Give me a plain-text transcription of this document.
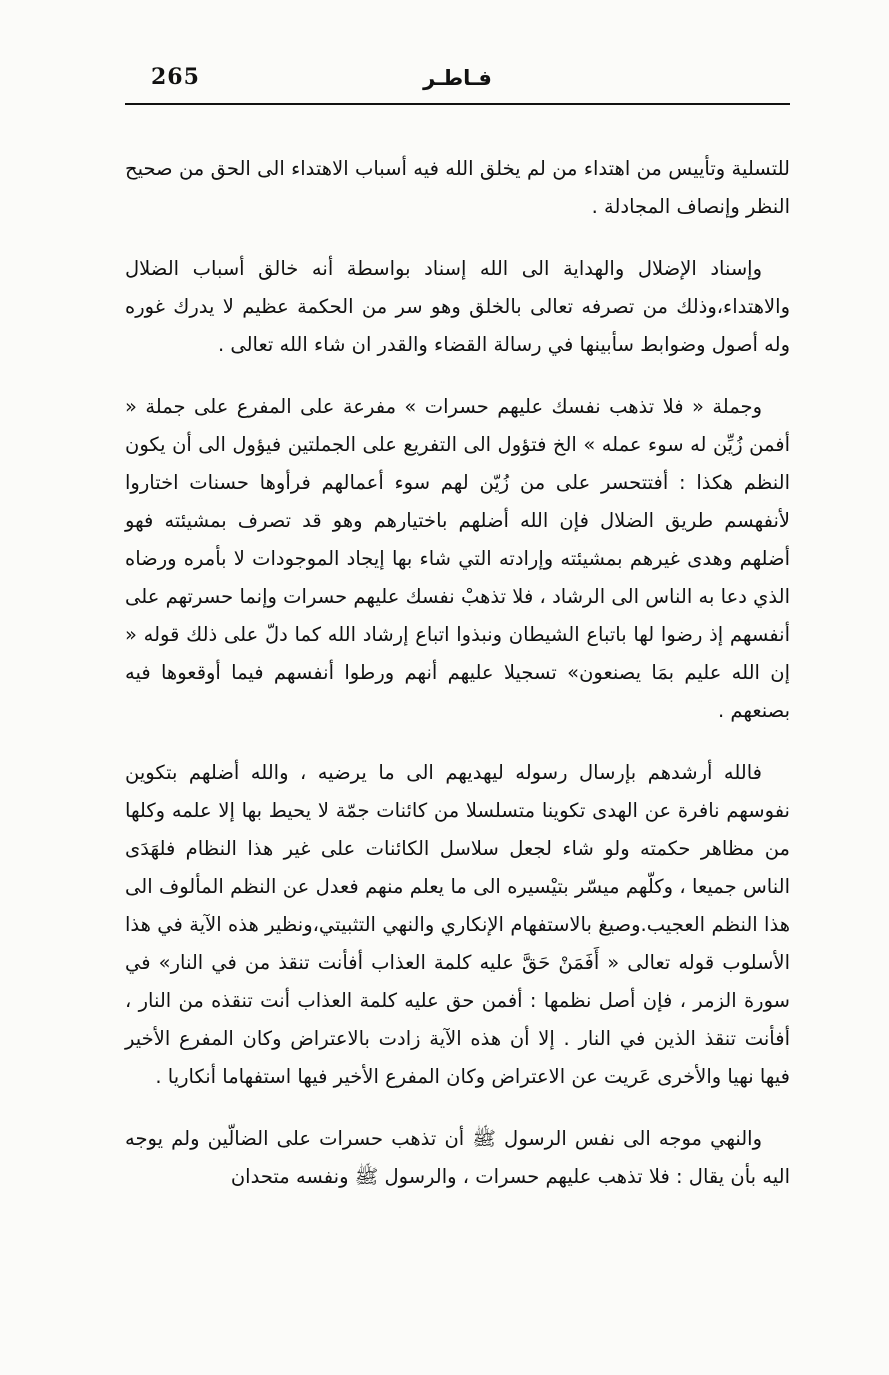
265	فـاطـر

للتسلية وتأييس من اهتداء من لم يخلق الله فيه أسباب الاهتداء الى الحق من صحيح النظر وإنصاف المجادلة .

وإسناد الإضلال والهداية الى الله إسناد بواسطة أنه خالق أسباب الضلال والاهتداء،وذلك من تصرفه تعالى بالخلق وهو سر من الحكمة عظيم لا يدرك غوره وله أصول وضوابط سأبينها في رسالة القضاء والقدر ان شاء الله تعالى .

وجملة « فلا تذهب نفسك عليهم حسرات » مفرعة على المفرع على جملة « أفمن زُيِّن له سوء عمله » الخ فتؤول الى التفريع على الجملتين فيؤول الى أن يكون النظم هكذا : أفتتحسر على من زُيّن لهم سوء أعمالهم فرأوها حسنات اختاروا لأنفهسم طريق الضلال فإن الله أضلهم باختيارهم وهو قد تصرف بمشيئته فهو أضلهم وهدى غيرهم بمشيئته وإرادته التي شاء بها إيجاد الموجودات لا بأمره ورضاه الذي دعا به الناس الى الرشاد ، فلا تذهبْ نفسك عليهم حسرات وإنما حسرتهم على أنفسهم إذ رضوا لها باتباع الشيطان ونبذوا اتباع إرشاد الله كما دلّ على ذلك قوله « إن الله عليم بمَا يصنعون» تسجيلا عليهم أنهم ورطوا أنفسهم فيما أوقعوها فيه بصنعهم .

فالله أرشدهم بإرسال رسوله ليهديهم الى ما يرضيه ، والله أضلهم بتكوين نفوسهم نافرة عن الهدى تكوينا متسلسلا من كائنات جمّة لا يحيط بها إلا علمه وكلها من مظاهر حكمته ولو شاء لجعل سلاسل الكائنات على غير هذا النظام فلهَدَى الناس جميعا ، وكلّهم ميسّر بتيْسيره الى ما يعلم منهم فعدل عن النظم المألوف الى هذا النظم العجيب.وصيغ بالاستفهام الإنكاري والنهي التثبيتي،ونظير هذه الآية في هذا الأسلوب قوله تعالى « أَفَمَنْ حَقَّ عليه كلمة العذاب أفأنت تنقذ من في النار» في سورة الزمر ، فإن أصل نظمها : أفمن حق عليه كلمة العذاب أنت تنقذه من النار ، أفأنت تنقذ الذين في النار . إلا أن هذه الآية زادت بالاعتراض وكان المفرع الأخير فيها نهيا والأخرى عَريت عن الاعتراض وكان المفرع الأخير فيها استفهاما أنكاريا .

والنهي موجه الى نفس الرسول ﷺ أن تذهب حسرات على الضالّين ولم يوجه اليه بأن يقال : فلا تذهب عليهم حسرات ، والرسول ﷺ ونفسه متحدان
